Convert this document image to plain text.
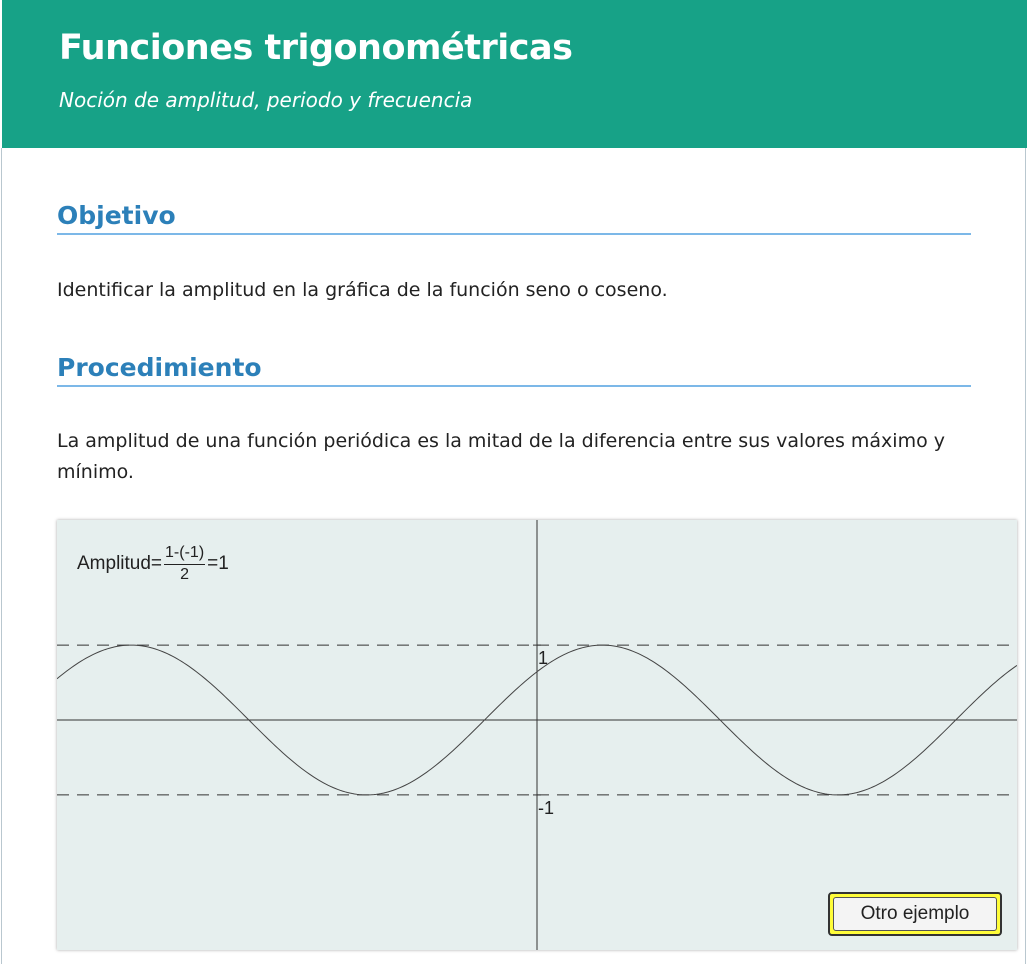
Funciones trigonométricas

Noción de amplitud, periodo y frecuencia

Objetivo

Identificar la amplitud en la gráfica de la función seno o coseno.

Procedimiento

La amplitud de una función periódica es la mitad de la diferencia entre sus valores máximo y mínimo.

1
-1
Amplitud= $\frac{1-(-1)}{2} =1$
Otro ejemplo
